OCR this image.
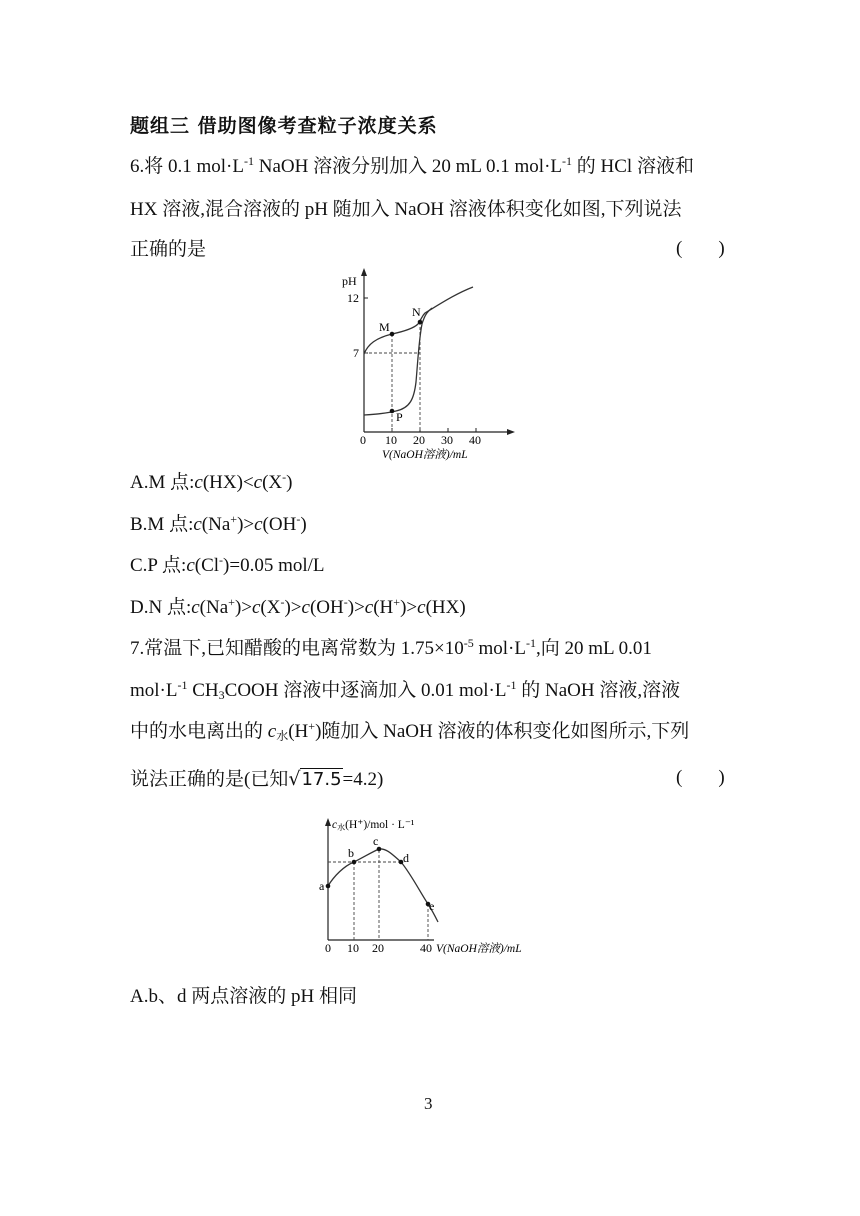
题组三 借助图像考查粒子浓度关系
6.将 0.1 $mol\cdot L^{-1}$ NaOH 溶液分别加入 20 mL 0.1 $mol\cdot L^{-1}$ 的 HCl 溶液和
HX 溶液,混合溶液的 pH 随加入 NaOH 溶液体积变化如图,下列说法
正确的是	( )
pH
12
7
M
N
P
0 10 20 30 40
V(NaOH溶液)/mL
A.M 点:c(HX)<c(X-)
B.M 点:c(Na+)>c(OH-)
C.P 点:c(Cl-)=0.05 mol/L
D.N 点:c(Na+)>c(X-)>c(OH-)>c(H+)>c(HX)
7.常温下,已知醋酸的电离常数为 $1.75\times 10^{-5}$ $mol\cdot L^{-1}$,向 20 mL 0.01
$mol\cdot L^{-1}$ $CH_3COOH$ 溶液中逐滴加入 0.01 $mol\cdot L^{-1}$ 的 NaOH 溶液,溶液
中的水电离出的 $c_水(H^+)$随加入 NaOH 溶液的体积变化如图所示,下列
说法正确的是(已知√17.5=4.2)	( )
c水(H⁺)/mol · L⁻¹
a
b
c
d
e
0 10 20	40 V(NaOH溶液)/mL
A.b、d 两点溶液的 pH 相同
3
